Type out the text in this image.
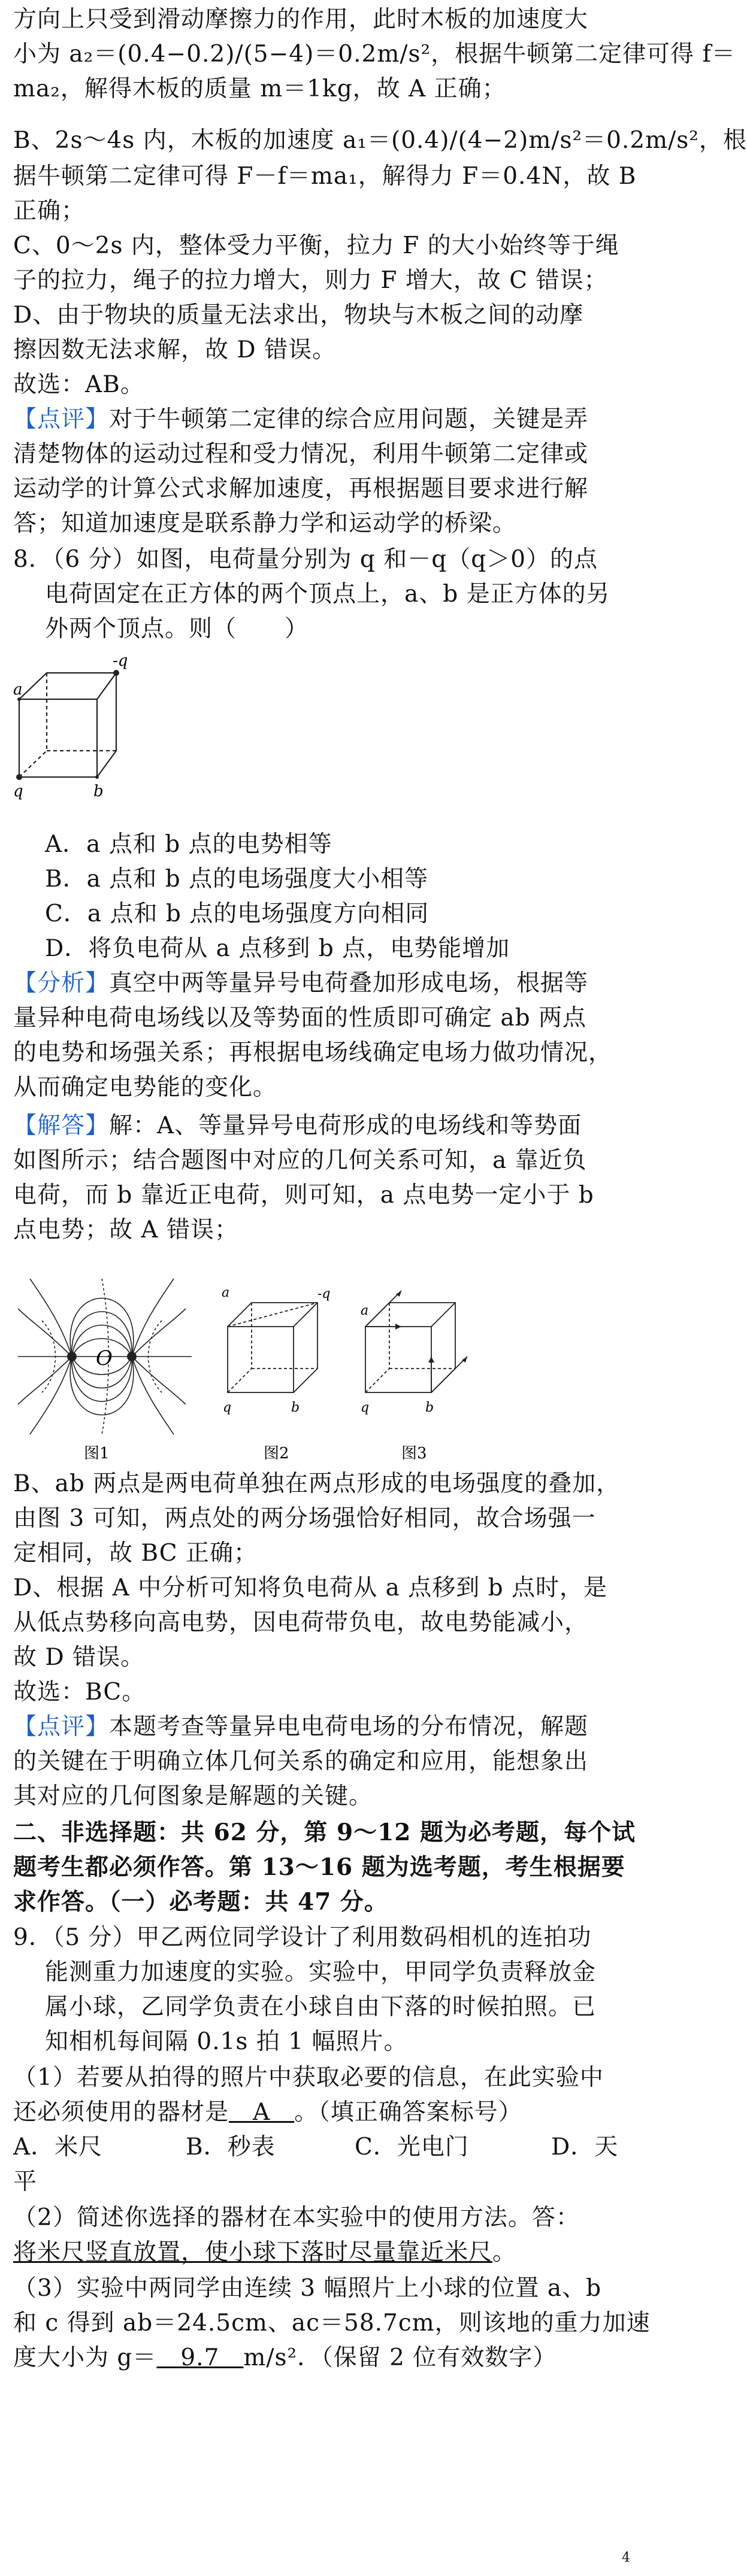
方向上只受到滑动摩擦力的作用，此时木板的加速度大
小为 a₂＝(0.4−0.2)/(5−4)＝0.2m/s²，根据牛顿第二定律可得 f＝
ma₂，解得木板的质量 m＝1kg，故 A 正确；
B、2s～4s 内，木板的加速度 a₁＝(0.4)/(4−2)m/s²＝0.2m/s²，根
据牛顿第二定律可得 F－f＝ma₁，解得力 F＝0.4N，故 B
正确；
C、0～2s 内，整体受力平衡，拉力 F 的大小始终等于绳
子的拉力，绳子的拉力增大，则力 F 增大，故 C 错误；
D、由于物块的质量无法求出，物块与木板之间的动摩
擦因数无法求解，故 D 错误。
故选：AB。
【点评】对于牛顿第二定律的综合应用问题，关键是弄
清楚物体的运动过程和受力情况，利用牛顿第二定律或
运动学的计算公式求解加速度，再根据题目要求进行解
答；知道加速度是联系静力学和运动学的桥梁。
8．（6 分）如图，电荷量分别为 q 和－q（q＞0）的点
电荷固定在正方体的两个顶点上，a、b 是正方体的另
外两个顶点。则（　　）
-q
a
q	b
A．a 点和 b 点的电势相等
B．a 点和 b 点的电场强度大小相等
C．a 点和 b 点的电场强度方向相同
D．将负电荷从 a 点移到 b 点，电势能增加
【分析】真空中两等量异号电荷叠加形成电场，根据等
量异种电荷电场线以及等势面的性质即可确定 ab 两点
的电势和场强关系；再根据电场线确定电场力做功情况，
从而确定电势能的变化。
【解答】解：A、等量异号电荷形成的电场线和等势面
如图所示；结合题图中对应的几何关系可知，a 靠近负
电荷，而 b 靠近正电荷，则可知，a 点电势一定小于 b
点电势；故 A 错误；
O
a	-q
q	b
a
q	b
图1	图2	图3
B、ab 两点是两电荷单独在两点形成的电场强度的叠加，
由图 3 可知，两点处的两分场强恰好相同，故合场强一
定相同，故 BC 正确；
D、根据 A 中分析可知将负电荷从 a 点移到 b 点时，是
从低点势移向高电势，因电荷带负电，故电势能减小，
故 D 错误。
故选：BC。
【点评】本题考查等量异电电荷电场的分布情况，解题
的关键在于明确立体几何关系的确定和应用，能想象出
其对应的几何图象是解题的关键。
二、非选择题：共 62 分，第 9～12 题为必考题，每个试
题考生都必须作答。第 13～16 题为选考题，考生根据要
求作答。（一）必考题：共 47 分。
9．（5 分）甲乙两位同学设计了利用数码相机的连拍功
能测重力加速度的实验。实验中，甲同学负责释放金
属小球，乙同学负责在小球自由下落的时候拍照。已
知相机每间隔 0.1s 拍 1 幅照片。
（1）若要从拍得的照片中获取必要的信息，在此实验中
还必须使用的器材是　A　。（填正确答案标号）
A．米尺	B．秒表	C．光电门	D．天
平
（2）简述你选择的器材在本实验中的使用方法。答：
将米尺竖直放置，使小球下落时尽量靠近米尺。
（3）实验中两同学由连续 3 幅照片上小球的位置 a、b
和 c 得到 ab＝24.5cm、ac＝58.7cm，则该地的重力加速
度大小为 g＝　9.7　m/s²．（保留 2 位有效数字）
4
